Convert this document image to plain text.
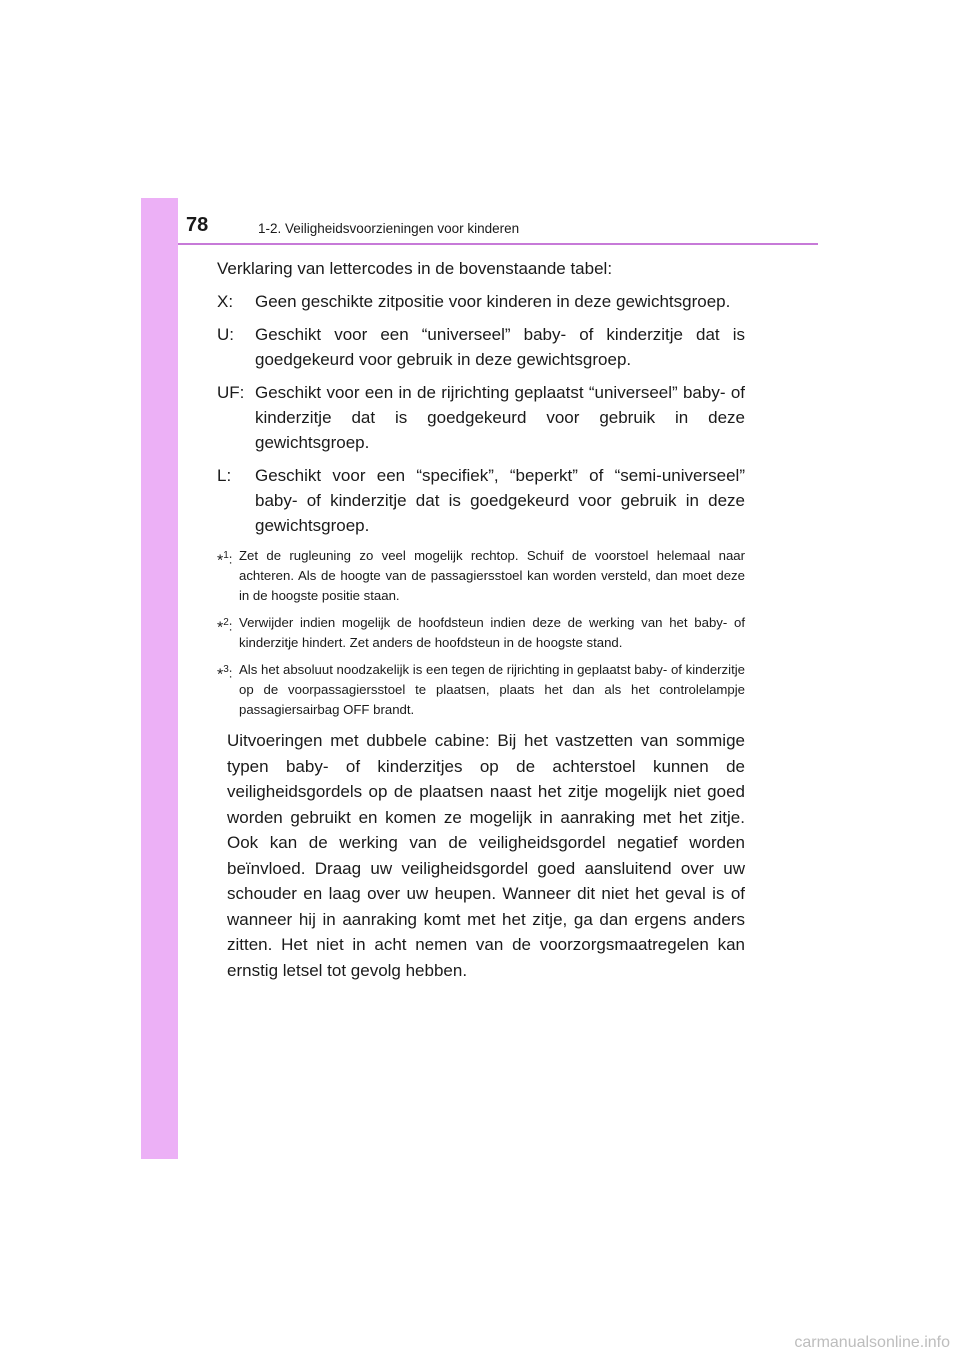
78	1-2. Veiligheidsvoorzieningen voor kinderen

Verklaring van lettercodes in de bovenstaande tabel:

X:	Geen geschikte zitpositie voor kinderen in deze gewichtsgroep.
U:	Geschikt voor een “universeel” baby- of kinderzitje dat is goedgekeurd voor gebruik in deze gewichtsgroep.
UF: Geschikt voor een in de rijrichting geplaatst “universeel” baby- of kinderzitje dat is goedgekeurd voor gebruik in deze gewichtsgroep.
L:	Geschikt voor een “specifiek”, “beperkt” of “semi-universeel” baby- of kinderzitje dat is goedgekeurd voor gebruik in deze gewichtsgroep.
*$^1$: Zet de rugleuning zo veel mogelijk rechtop. Schuif de voorstoel helemaal naar achteren. Als de hoogte van de passagiersstoel kan worden versteld, dan moet deze in de hoogste positie staan.
*$^2$: Verwijder indien mogelijk de hoofdsteun indien deze de werking van het baby- of kinderzitje hindert. Zet anders de hoofdsteun in de hoogste stand.
*$^3$: Als het absoluut noodzakelijk is een tegen de rijrichting in geplaatst baby- of kinderzitje op de voorpassagiersstoel te plaatsen, plaats het dan als het controlelampje passagiersairbag OFF brandt.

Uitvoeringen met dubbele cabine: Bij het vastzetten van sommige typen baby- of kinderzitjes op de achterstoel kunnen de veiligheidsgordels op de plaatsen naast het zitje mogelijk niet goed worden gebruikt en komen ze mogelijk in aanraking met het zitje. Ook kan de werking van de veiligheidsgordel negatief worden beïnvloed. Draag uw veiligheidsgordel goed aansluitend over uw schouder en laag over uw heupen. Wanneer dit niet het geval is of wanneer hij in aanraking komt met het zitje, ga dan ergens anders zitten. Het niet in acht nemen van de voorzorgsmaatregelen kan ernstig letsel tot gevolg hebben.

carmanualsonline.info
